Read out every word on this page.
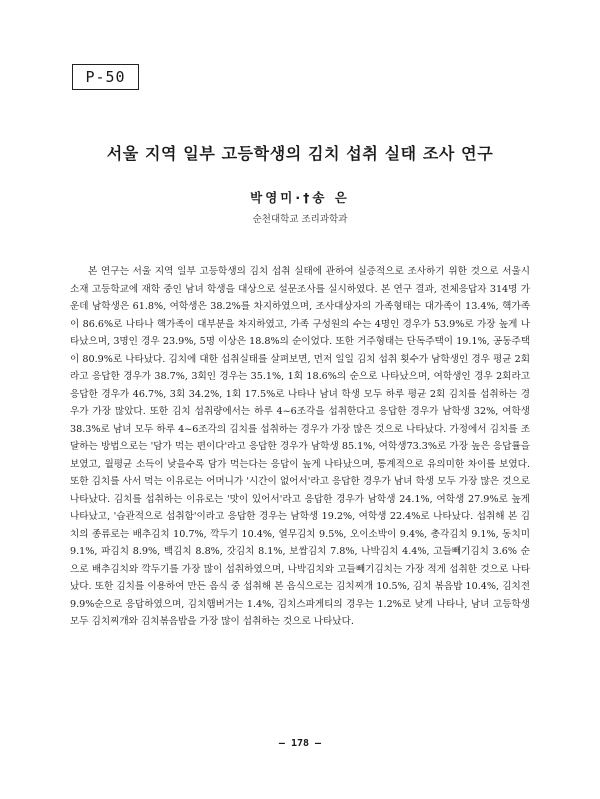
P-50
서울 지역 일부 고등학생의 김치 섭취 실태 조사 연구
박영미·†송 은
순천대학교 조리과학과

본 연구는 서울 지역 일부 고등학생의 김치 섭취 실태에 관하여 실증적으로 조사하기 위한 것으로 서울시 소재 고등학교에 재학 중인 남녀 학생을 대상으로 설문조사를 실시하였다. 본 연구 결과, 전체응답자 314명 가운데 남학생은 61.8%, 여학생은 38.2%를 차지하였으며, 조사대상자의 가족형태는 대가족이 13.4%, 핵가족이 86.6%로 나타나 핵가족이 대부분을 차지하였고, 가족 구성원의 수는 4명인 경우가 53.9%로 가장 높게 나타났으며, 3명인 경우 23.9%, 5명 이상은 18.8%의 순이었다. 또한 거주형태는 단독주택이 19.1%, 공동주택이 80.9%로 나타났다. 김치에 대한 섭취실태를 살펴보면, 먼저 일일 김치 섭취 횟수가 남학생인 경우 평균 2회라고 응답한 경우가 38.7%, 3회인 경우는 35.1%, 1회 18.6%의 순으로 나타났으며, 여학생인 경우 2회라고 응답한 경우가 46.7%, 3회 34.2%, 1회 17.5%로 나타나 남녀 학생 모두 하루 평균 2회 김치를 섭취하는 경우가 가장 많았다. 또한 김치 섭취량에서는 하루 4~6조각을 섭취한다고 응답한 경우가 남학생 32%, 여학생 38.3%로 남녀 모두 하루 4~6조각의 김치를 섭취하는 경우가 가장 많은 것으로 나타났다. 가정에서 김치를 조달하는 방법으로는 '담가 먹는 편이다'라고 응답한 경우가 남학생 85.1%, 여학생73.3%로 가장 높은 응답률을 보였고, 월평균 소득이 낮을수록 담가 먹는다는 응답이 높게 나타났으며, 통계적으로 유의미한 차이를 보였다. 또한 김치를 사서 먹는 이유로는 어머니가 '시간이 없어서'라고 응답한 경우가 남녀 학생 모두 가장 많은 것으로 나타났다. 김치를 섭취하는 이유로는 '맛이 있어서'라고 응답한 경우가 남학생 24.1%, 여학생 27.9%로 높게 나타났고, '습관적으로 섭취함'이라고 응답한 경우는 남학생 19.2%, 여학생 22.4%로 나타났다. 섭취해 본 김치의 종류로는 배추김치 10.7%, 깍두기 10.4%, 열무김치 9.5%, 오이소박이 9.4%, 총각김치 9.1%, 동치미 9.1%, 파김치 8.9%, 백김치 8.8%, 갓김치 8.1%, 보쌈김치 7.8%, 나박김치 4.4%, 고들빼기김치 3.6% 순으로 배추김치와 깍두기를 가장 많이 섭취하였으며, 나박김치와 고들빼기김치는 가장 적게 섭취한 것으로 나타났다. 또한 김치를 이용하여 만든 음식 중 섭취해 본 음식으로는 김치찌개 10.5%, 김치 볶음밥 10.4%, 김치전 9.9%순으로 응답하였으며, 김치햄버거는 1.4%, 김치스파게티의 경우는 1.2%로 낮게 나타나, 남녀 고등학생 모두 김치찌개와 김치볶음밥을 가장 많이 섭취하는 것으로 나타났다.

– 178 –
